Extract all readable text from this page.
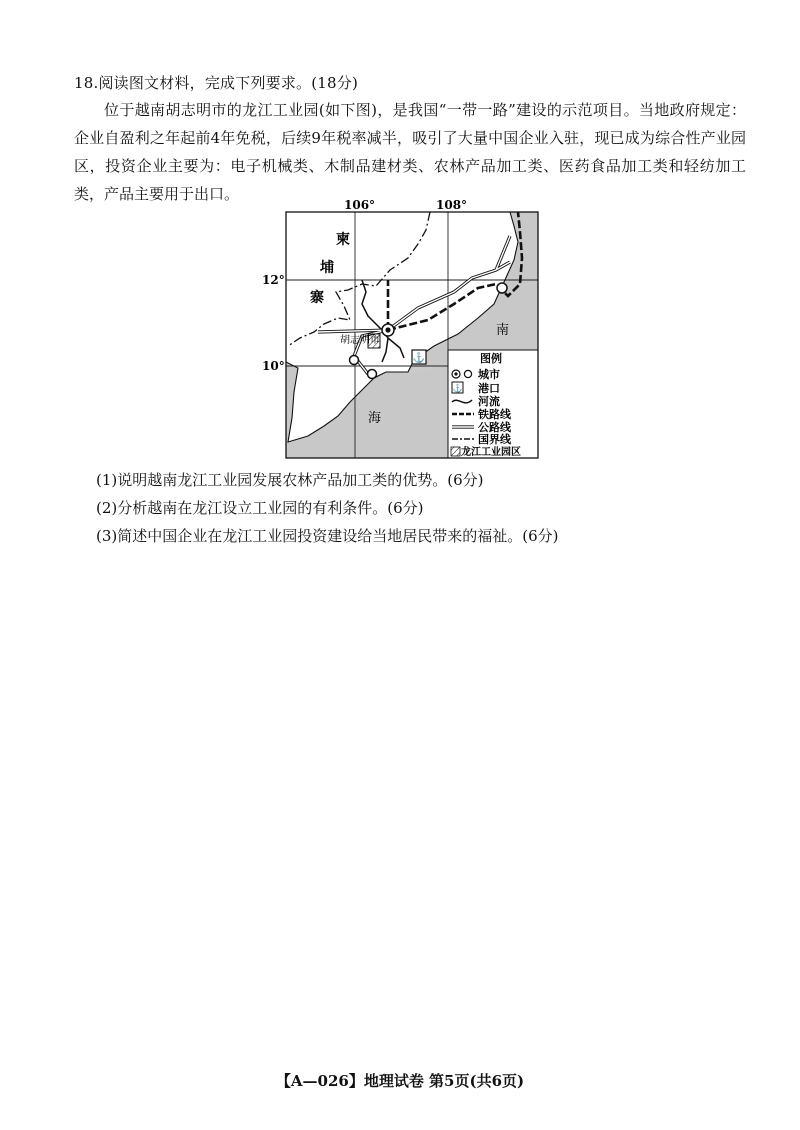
18.阅读图文材料，完成下列要求。(18分)

位于越南胡志明市的龙江工业园(如下图)，是我国“一带一路”建设的示范项目。当地政府规定：企业自盈利之年起前4年免税，后续9年税率减半，吸引了大量中国企业入驻，现已成为综合性产业园区，投资企业主要为：电子机械类、木制品建材类、农林产品加工类、医药食品加工类和轻纺加工类，产品主要用于出口。

106°	108°
12°
10°
⚓
柬
埔
寨
胡志明市
南
海
图例
城市
⚓ 港口
河流
铁路线
公路线
国界线
龙江工业园区
(1)说明越南龙江工业园发展农林产品加工类的优势。(6分)
(2)分析越南在龙江设立工业园的有利条件。(6分)
(3)简述中国企业在龙江工业园投资建设给当地居民带来的福祉。(6分)
【A—026】地理试卷 第5页(共6页)
